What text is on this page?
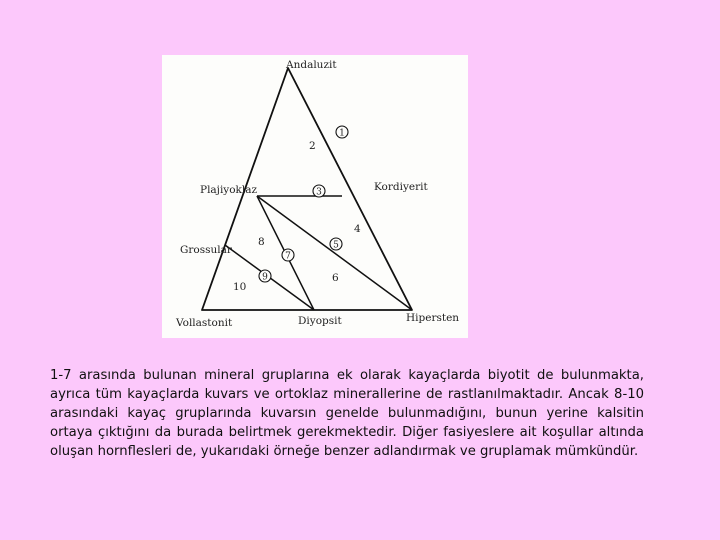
Andaluzit
Plajiyoklaz	Kordiyerit
Grossular
Vollastonit	Diyopsit	Hipersten
2
4
6
8
10
1
3
5
7
9

1-7 arasında bulunan mineral gruplarına ek olarak kayaçlarda biyotit de bulunmakta, ayrıca tüm kayaçlarda kuvars ve ortoklaz minerallerine de rastlanılmaktadır. Ancak 8-10 arasındaki kayaç gruplarında kuvarsın genelde bulunmadığını, bunun yerine kalsitin ortaya çıktığını da burada belirtmek gerekmektedir. Diğer fasiyeslere ait koşullar altında oluşan hornflesleri de, yukarıdaki örneğe benzer adlandırmak ve gruplamak mümkündür.
